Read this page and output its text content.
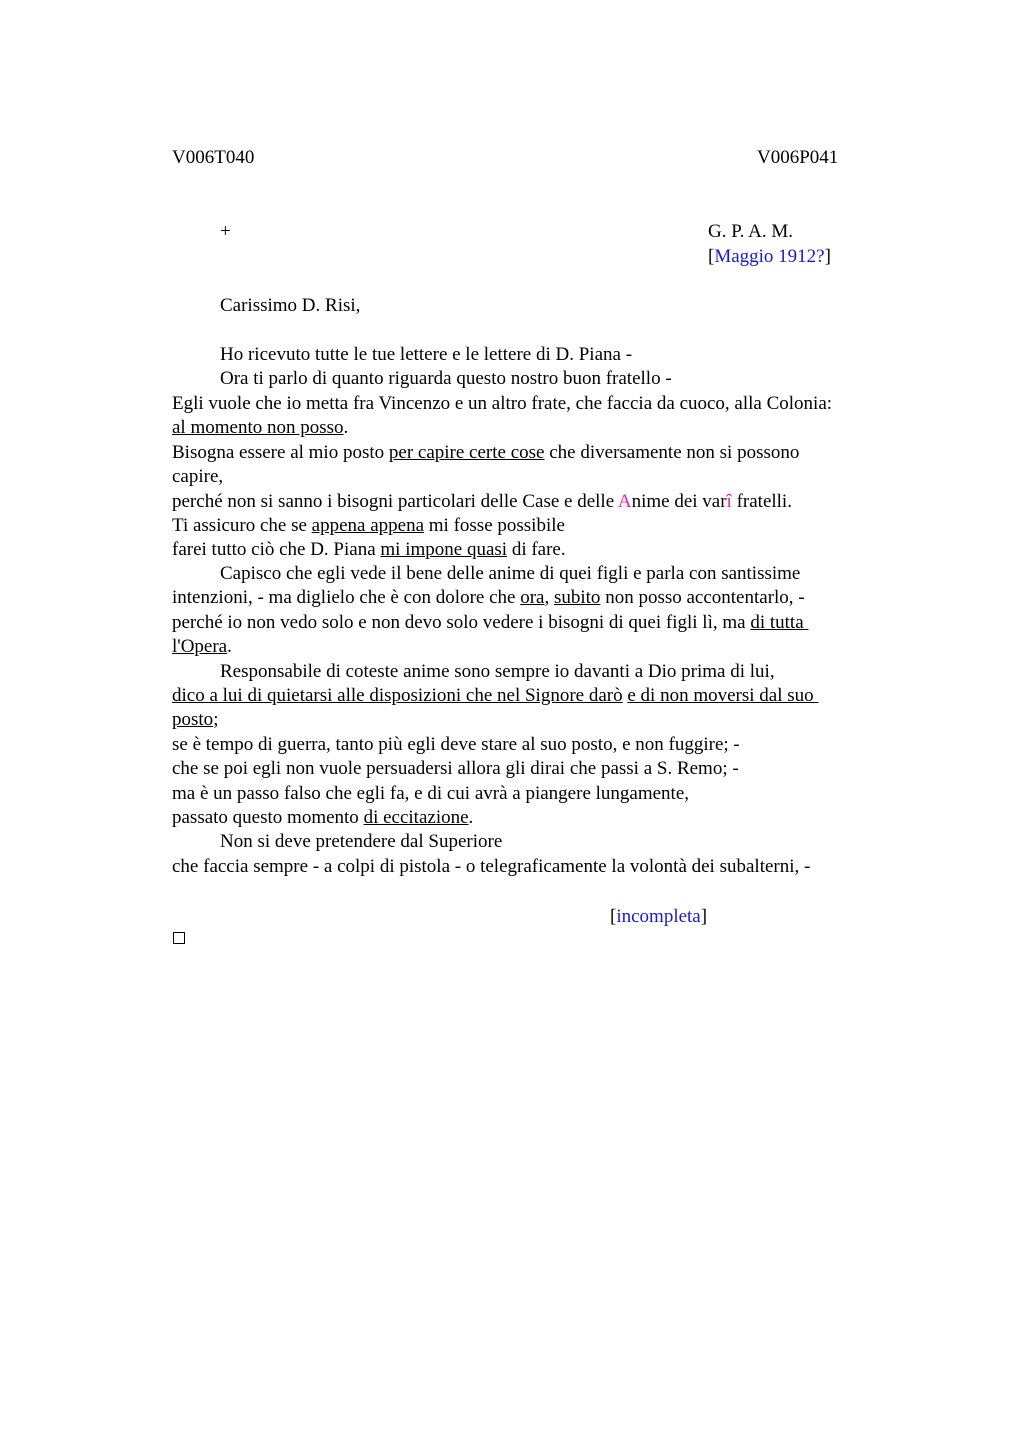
V006T040	V006P041
+	G. P. A. M.
[Maggio 1912?]
Carissimo D. Risi,
Ho ricevuto tutte le tue lettere e le lettere di D. Piana -
Ora ti parlo di quanto riguarda questo nostro buon fratello -
Egli vuole che io metta fra Vincenzo e un altro frate, che faccia da cuoco, alla Colonia:
al momento non posso.
Bisogna essere al mio posto per capire certe cose che diversamente non si possono
capire,
perché non si sanno i bisogni particolari delle Case e delle Anime dei varî fratelli.
Ti assicuro che se appena appena mi fosse possibile
farei tutto ciò che D. Piana mi impone quasi di fare.
Capisco che egli vede il bene delle anime di quei figli e parla con santissime
intenzioni, - ma diglielo che è con dolore che ora, subito non posso accontentarlo, -
perché io non vedo solo e non devo solo vedere i bisogni di quei figli lì, ma di tutta
l'Opera.
Responsabile di coteste anime sono sempre io davanti a Dio prima di lui,
dico a lui di quietarsi alle disposizioni che nel Signore darò e di non moversi dal suo
posto;
se è tempo di guerra, tanto più egli deve stare al suo posto, e non fuggire; -
che se poi egli non vuole persuadersi allora gli dirai che passi a S. Remo; -
ma è un passo falso che egli fa, e di cui avrà a piangere lungamente,
passato questo momento di eccitazione.
Non si deve pretendere dal Superiore
che faccia sempre - a colpi di pistola - o telegraficamente la volontà dei subalterni, -
[incompleta]
